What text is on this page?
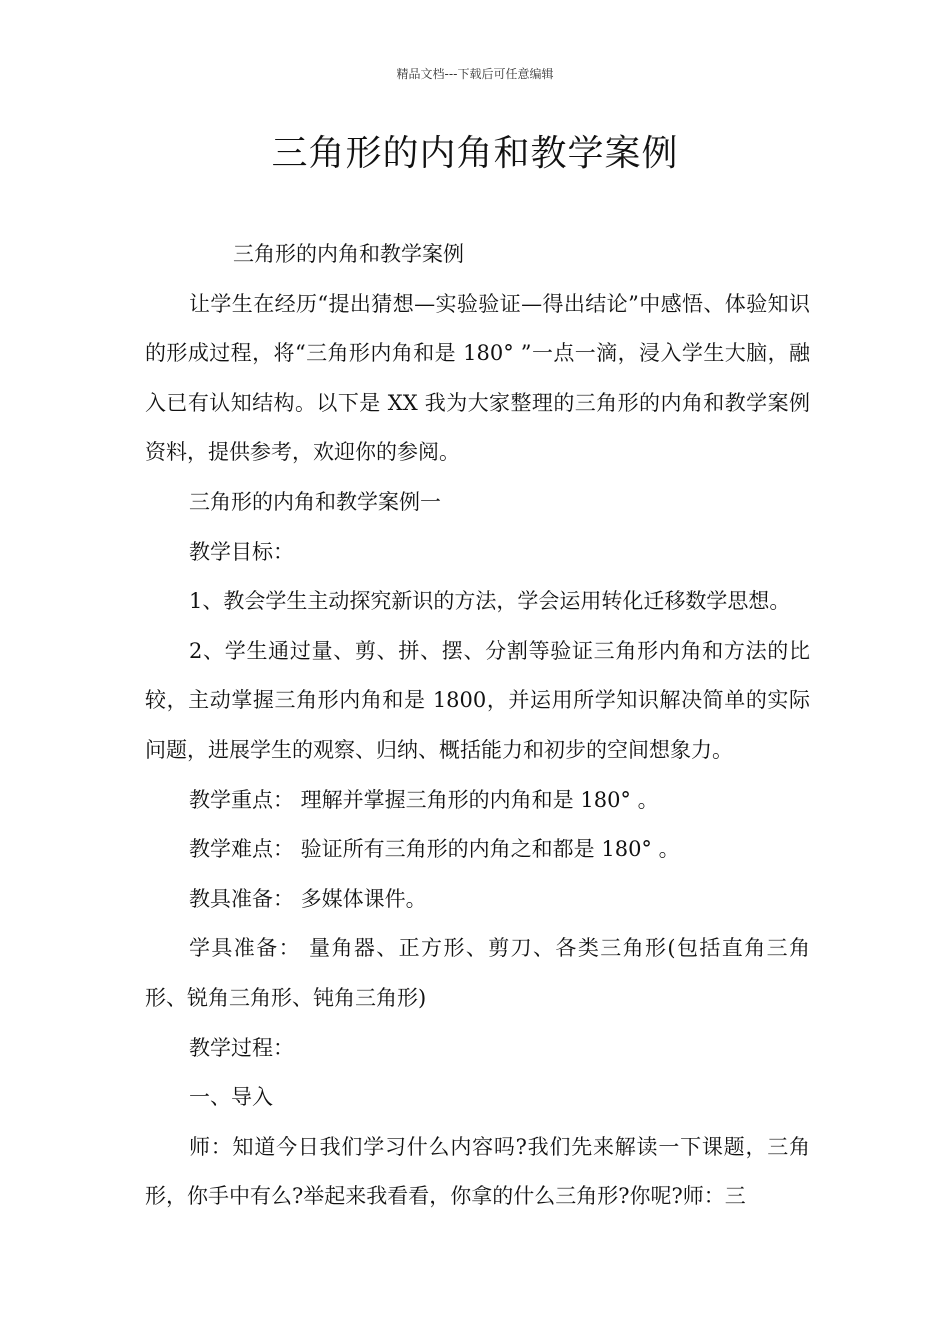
精品文档---下载后可任意编辑
三角形的内角和教学案例

三角形的内角和教学案例

让学生在经历“提出猜想—实验验证—得出结论”中感悟、体验知识的形成过程，将“三角形内角和是 180° ”一点一滴，浸入学生大脑，融入已有认知结构。以下是 XX 我为大家整理的三角形的内角和教学案例资料，提供参考，欢迎你的参阅。

三角形的内角和教学案例一

教学目标：

1、教会学生主动探究新识的方法，学会运用转化迁移数学思想。

2、学生通过量、剪、拼、摆、分割等验证三角形内角和方法的比较，主动掌握三角形内角和是 1800，并运用所学知识解决简单的实际问题，进展学生的观察、归纳、概括能力和初步的空间想象力。

教学重点： 理解并掌握三角形的内角和是 180° 。

教学难点： 验证所有三角形的内角之和都是 180° 。

教具准备： 多媒体课件。

学具准备： 量角器、正方形、剪刀、各类三角形(包括直角三角形、锐角三角形、钝角三角形)

教学过程：

一、导入

师：知道今日我们学习什么内容吗?我们先来解读一下课题，三角形，你手中有么?举起来我看看，你拿的什么三角形?你呢?师：三
